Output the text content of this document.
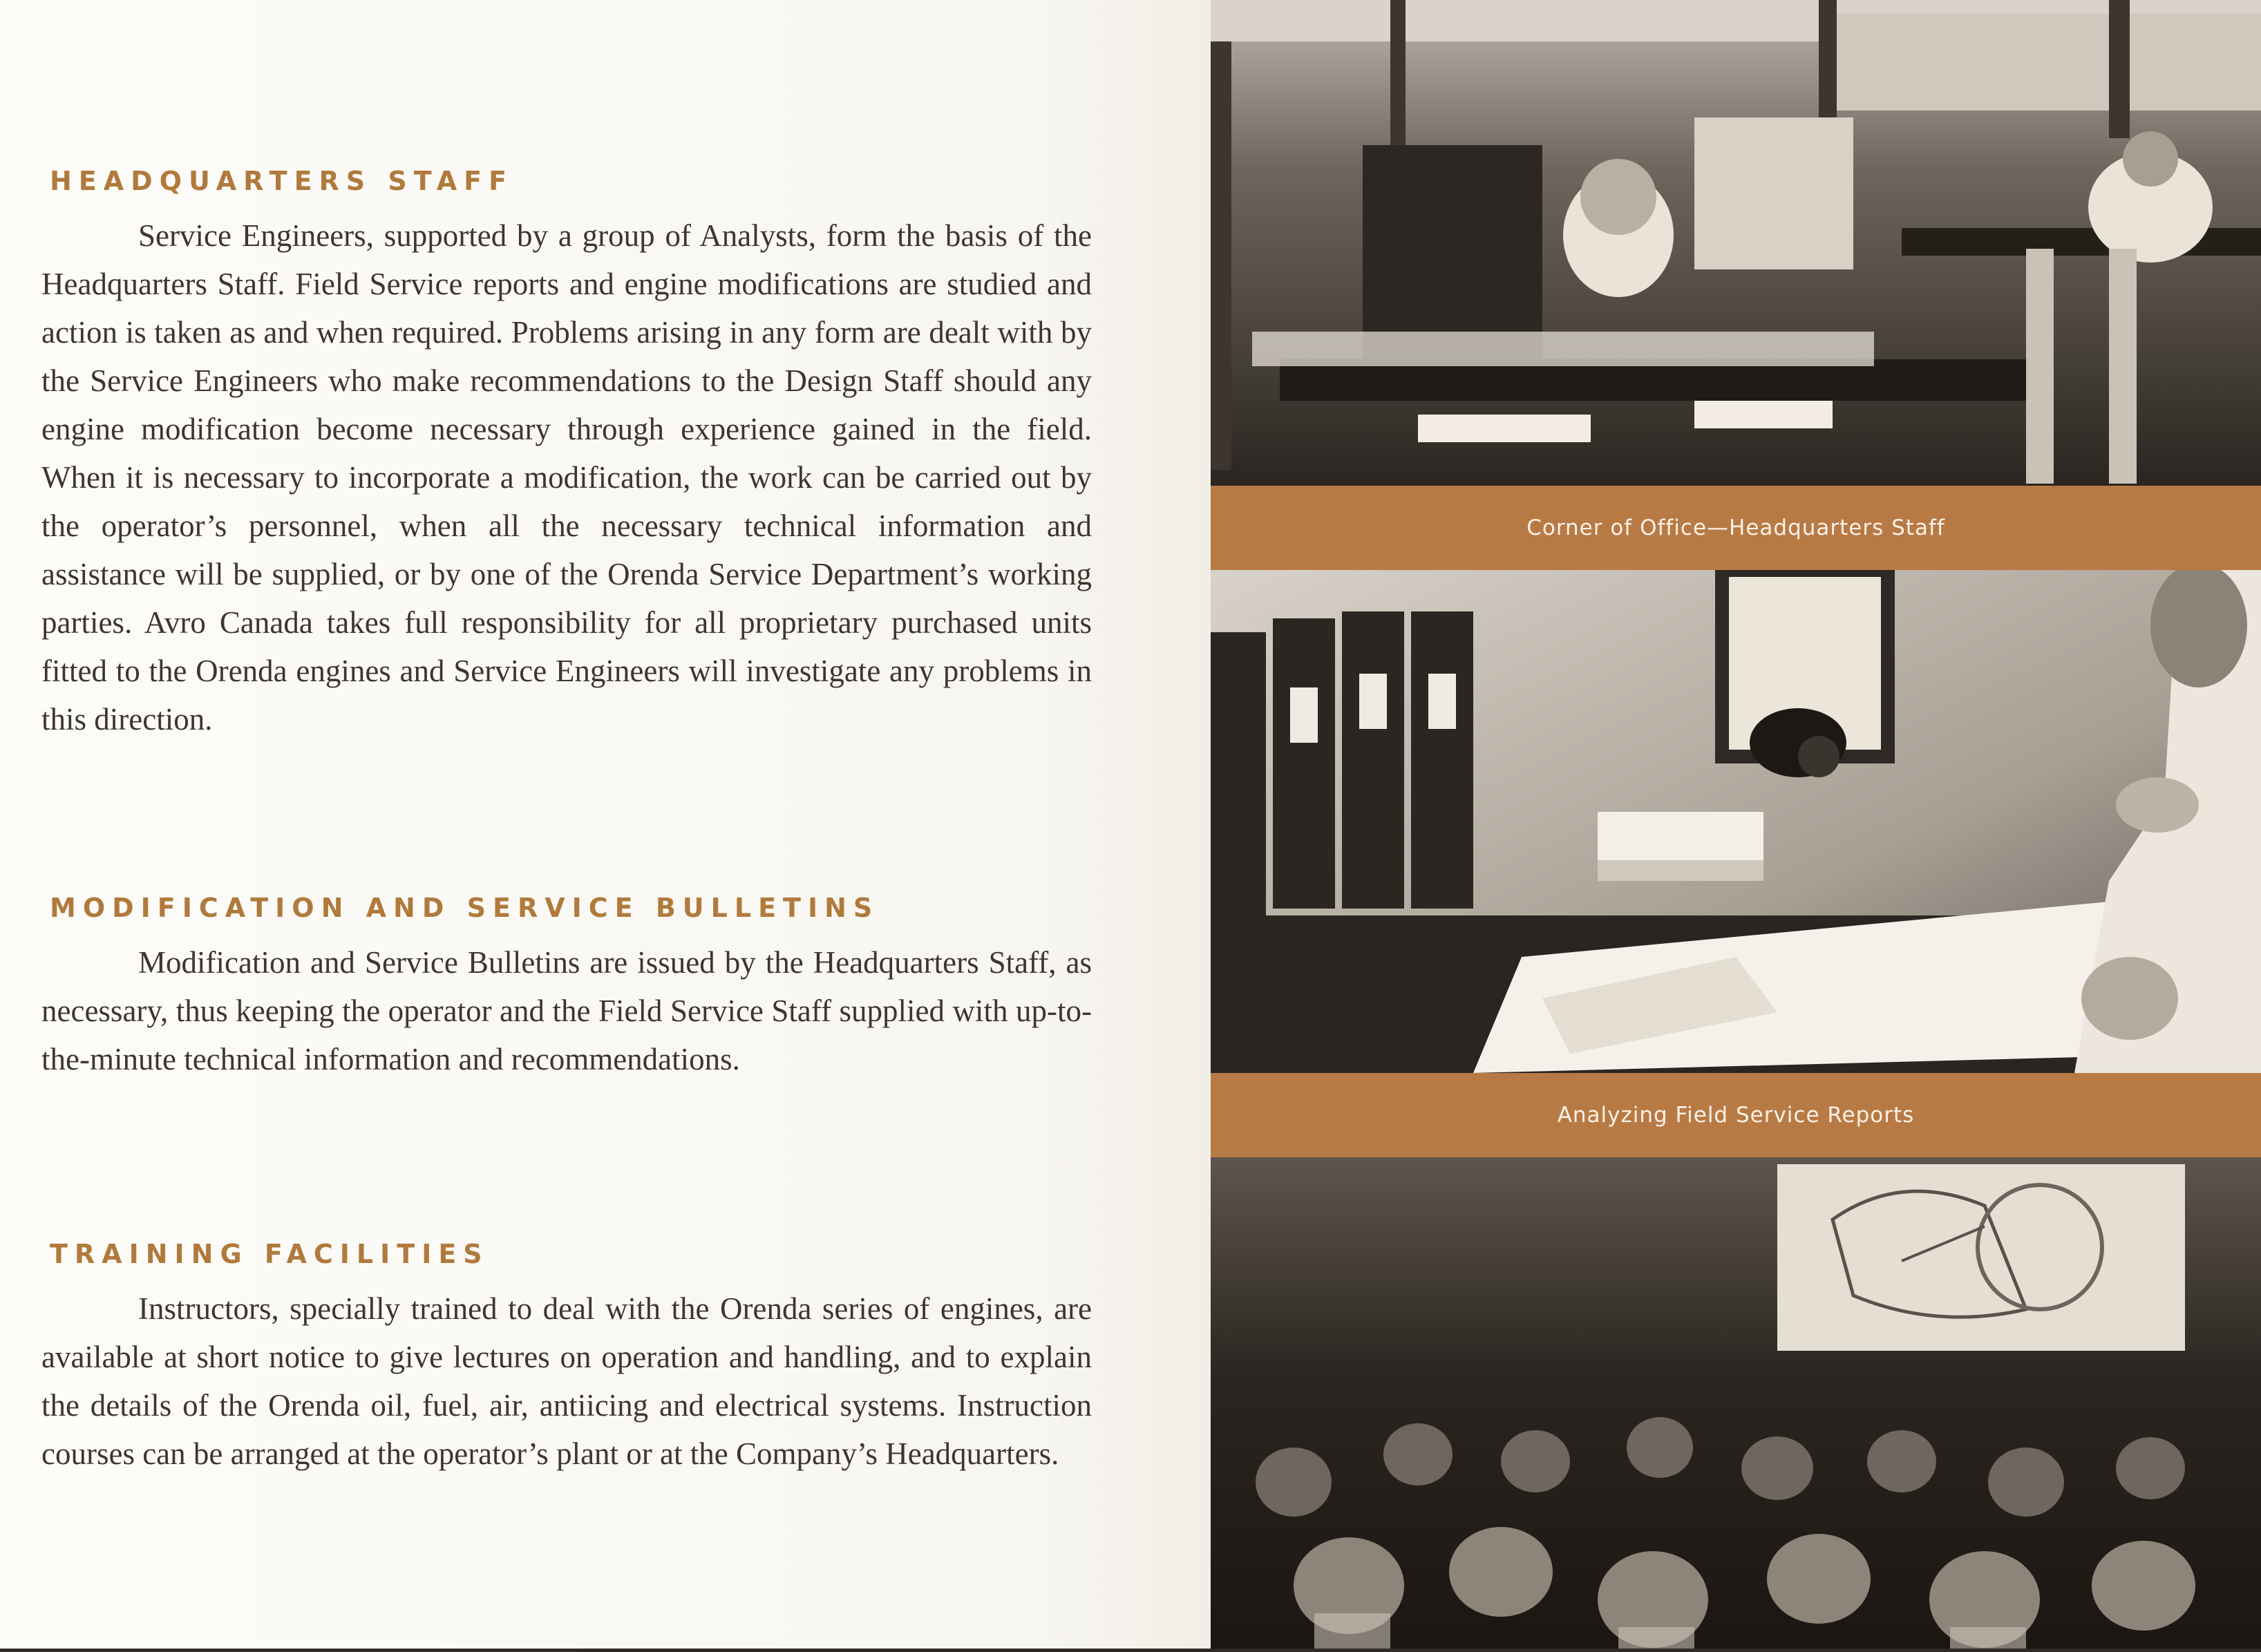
HEADQUARTERS STAFF

Service Engineers, supported by a group of Analysts, form the basis of the Headquarters Staff. Field Service reports and engine modifications are studied and action is taken as and when required. Problems arising in any form are dealt with by the Service Engineers who make recommendations to the Design Staff should any engine modification become necessary through experience gained in the field. When it is necessary to incorporate a modification, the work can be carried out by the operator’s personnel, when all the necessary technical information and assistance will be supplied, or by one of the Orenda Service Department’s working parties. Avro Canada takes full responsibility for all proprietary purchased units fitted to the Orenda engines and Service Engineers will investigate any problems in this direction.

MODIFICATION AND SERVICE BULLETINS

Modification and Service Bulletins are issued by the Headquarters Staff, as necessary, thus keeping the operator and the Field Service Staff supplied with up-to-the-minute technical information and recommendations.

TRAINING FACILITIES

Instructors, specially trained to deal with the Orenda series of engines, are available at short notice to give lectures on operation and handling, and to explain the details of the Orenda oil, fuel, air, antiicing and electrical systems. Instruction courses can be arranged at the operator’s plant or at the Company’s Headquarters.

Corner of Office—Headquarters Staff
Analyzing Field Service Reports
